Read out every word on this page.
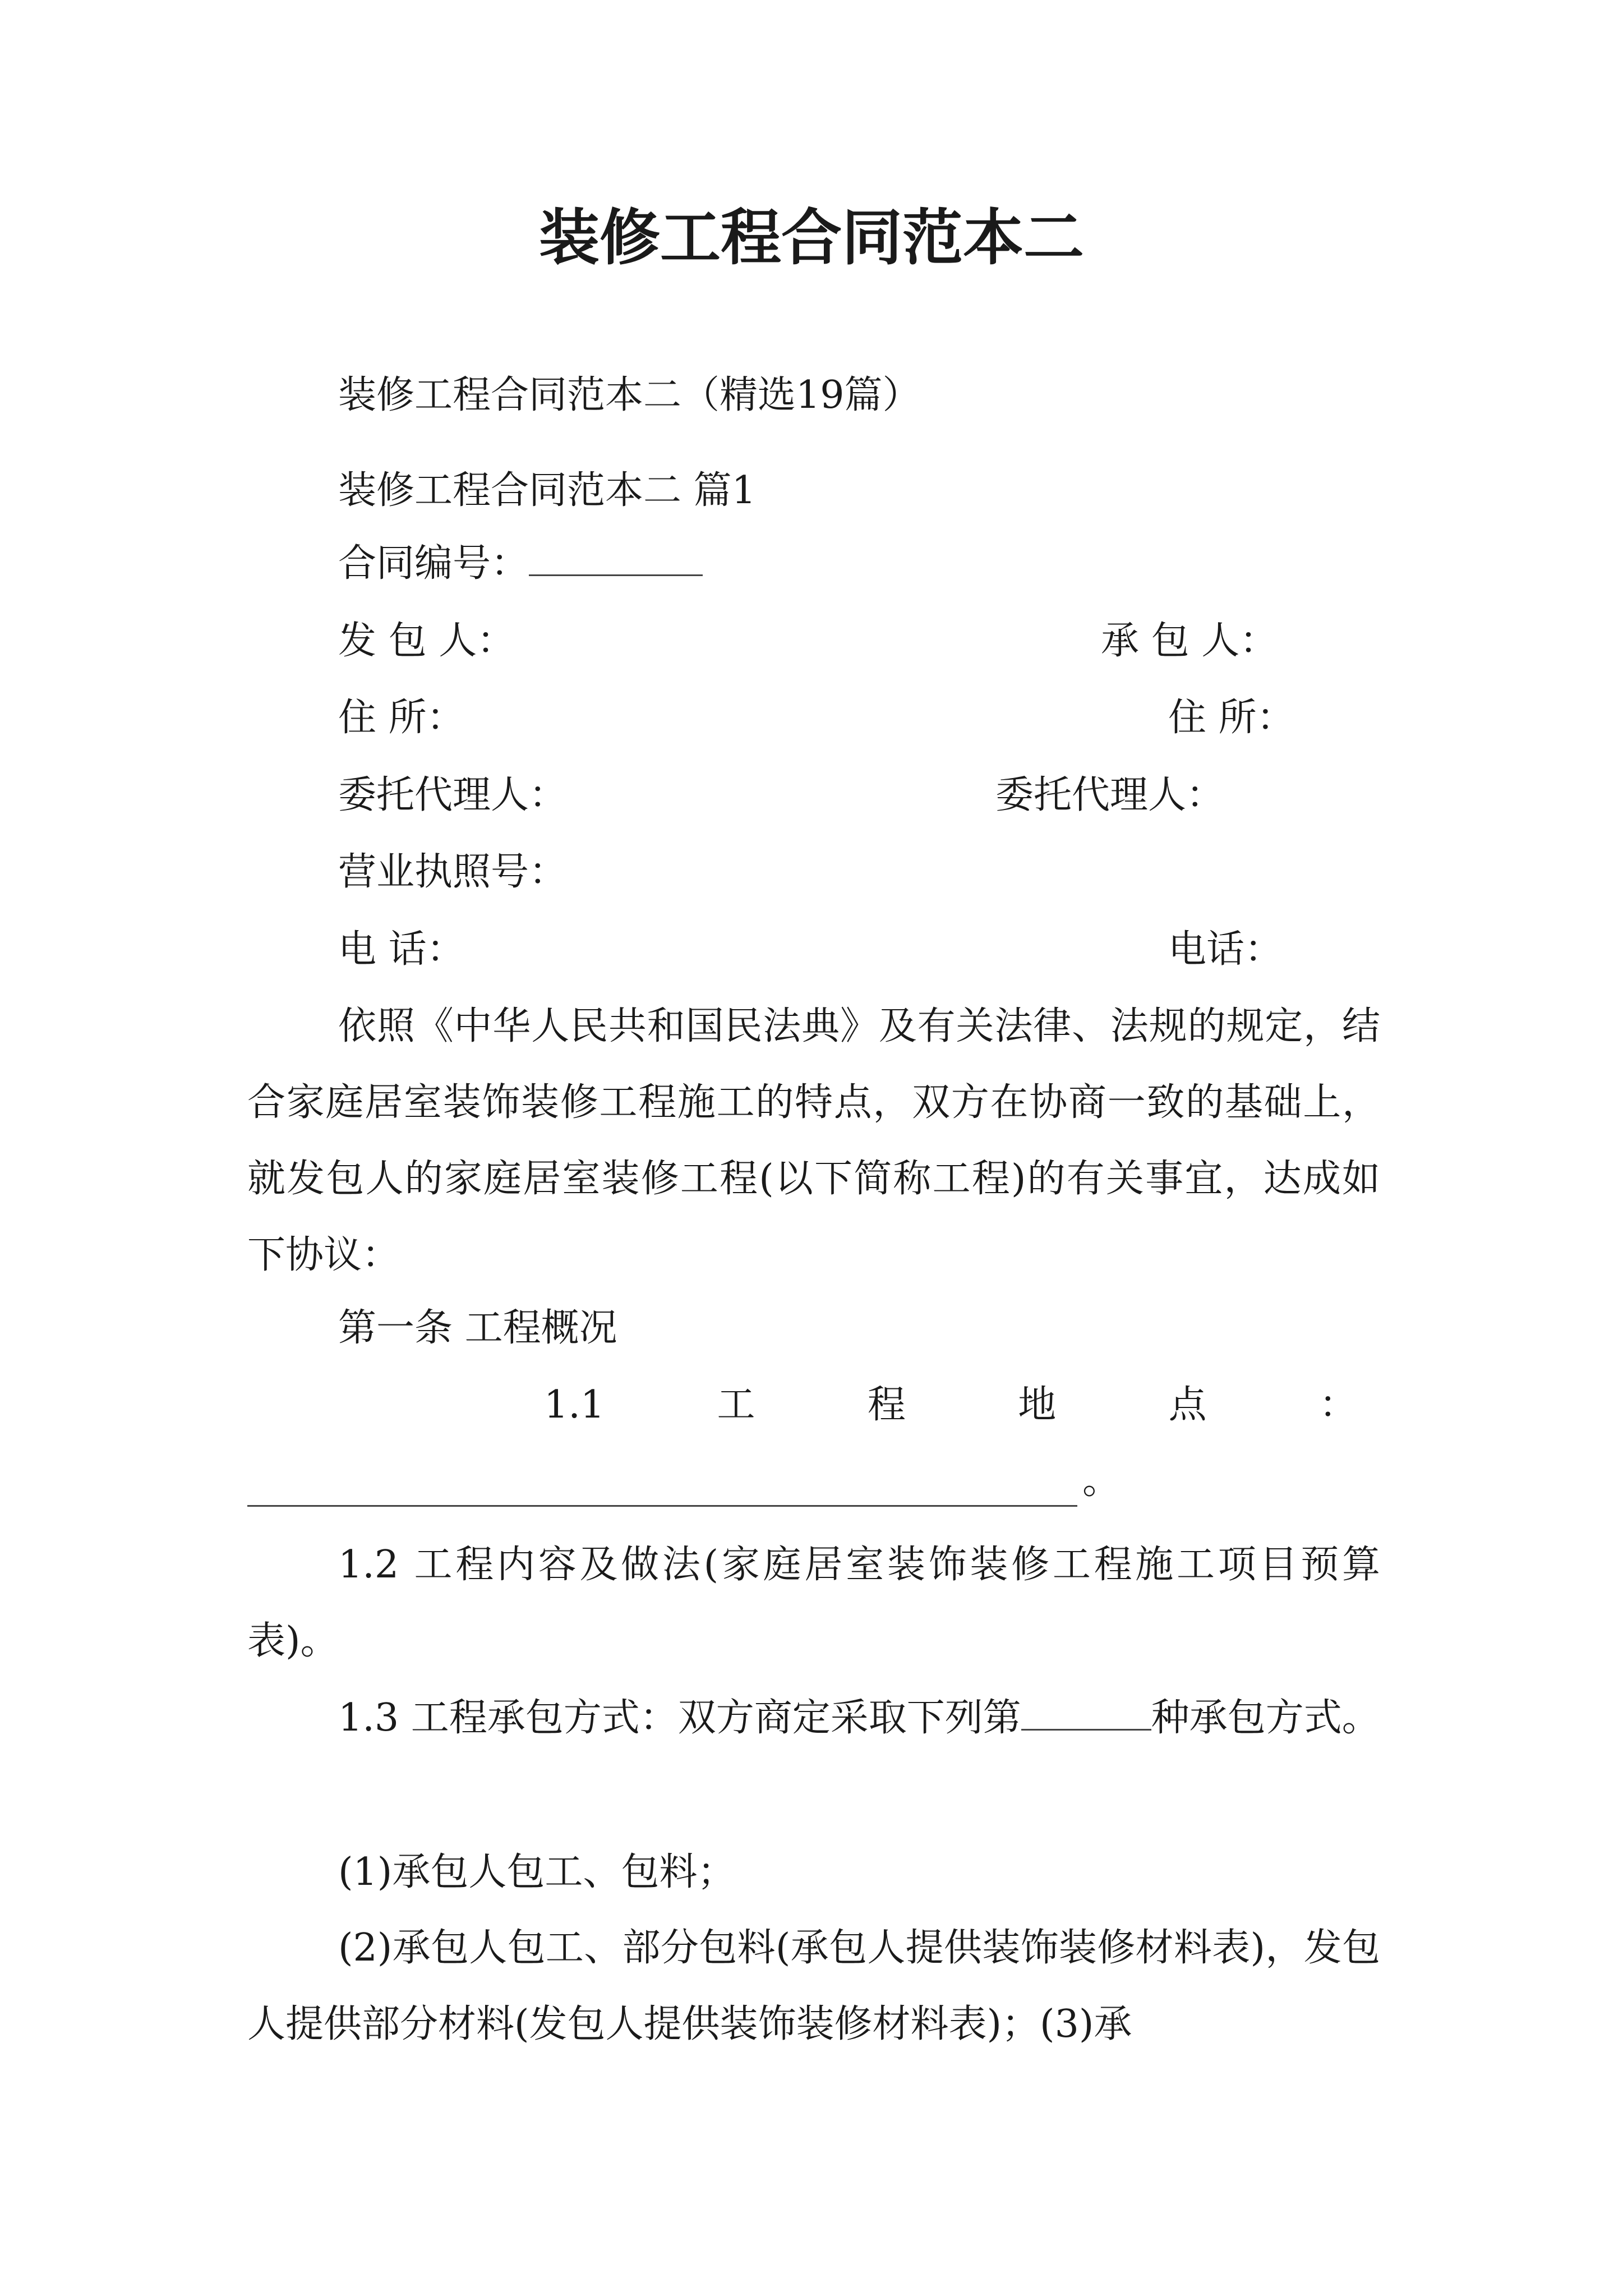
装修工程合同范本二
装修工程合同范本二（精选19篇）
装修工程合同范本二 篇1
合同编号：
发 包 人：	承 包 人：
住 所：	住 所：
委托代理人：	委托代理人：
营业执照号：
电 话：	电话：
依照《中华人民共和国民法典》及有关法律、法规的规定，结合家庭居室装饰装修工程施工的特点，双方在协商一致的基础上，就发包人的家庭居室装修工程(以下简称工程)的有关事宜，达成如下协议：
第一条 工程概况
1.1	工	程	地	点	：
。
1.2 工程内容及做法(家庭居室装饰装修工程施工项目预算表)。
1.3 工程承包方式：双方商定采取下列第	种承包方式。
(1)承包人包工、包料；
(2)承包人包工、部分包料(承包人提供装饰装修材料表)，发包人提供部分材料(发包人提供装饰装修材料表)；(3)承
